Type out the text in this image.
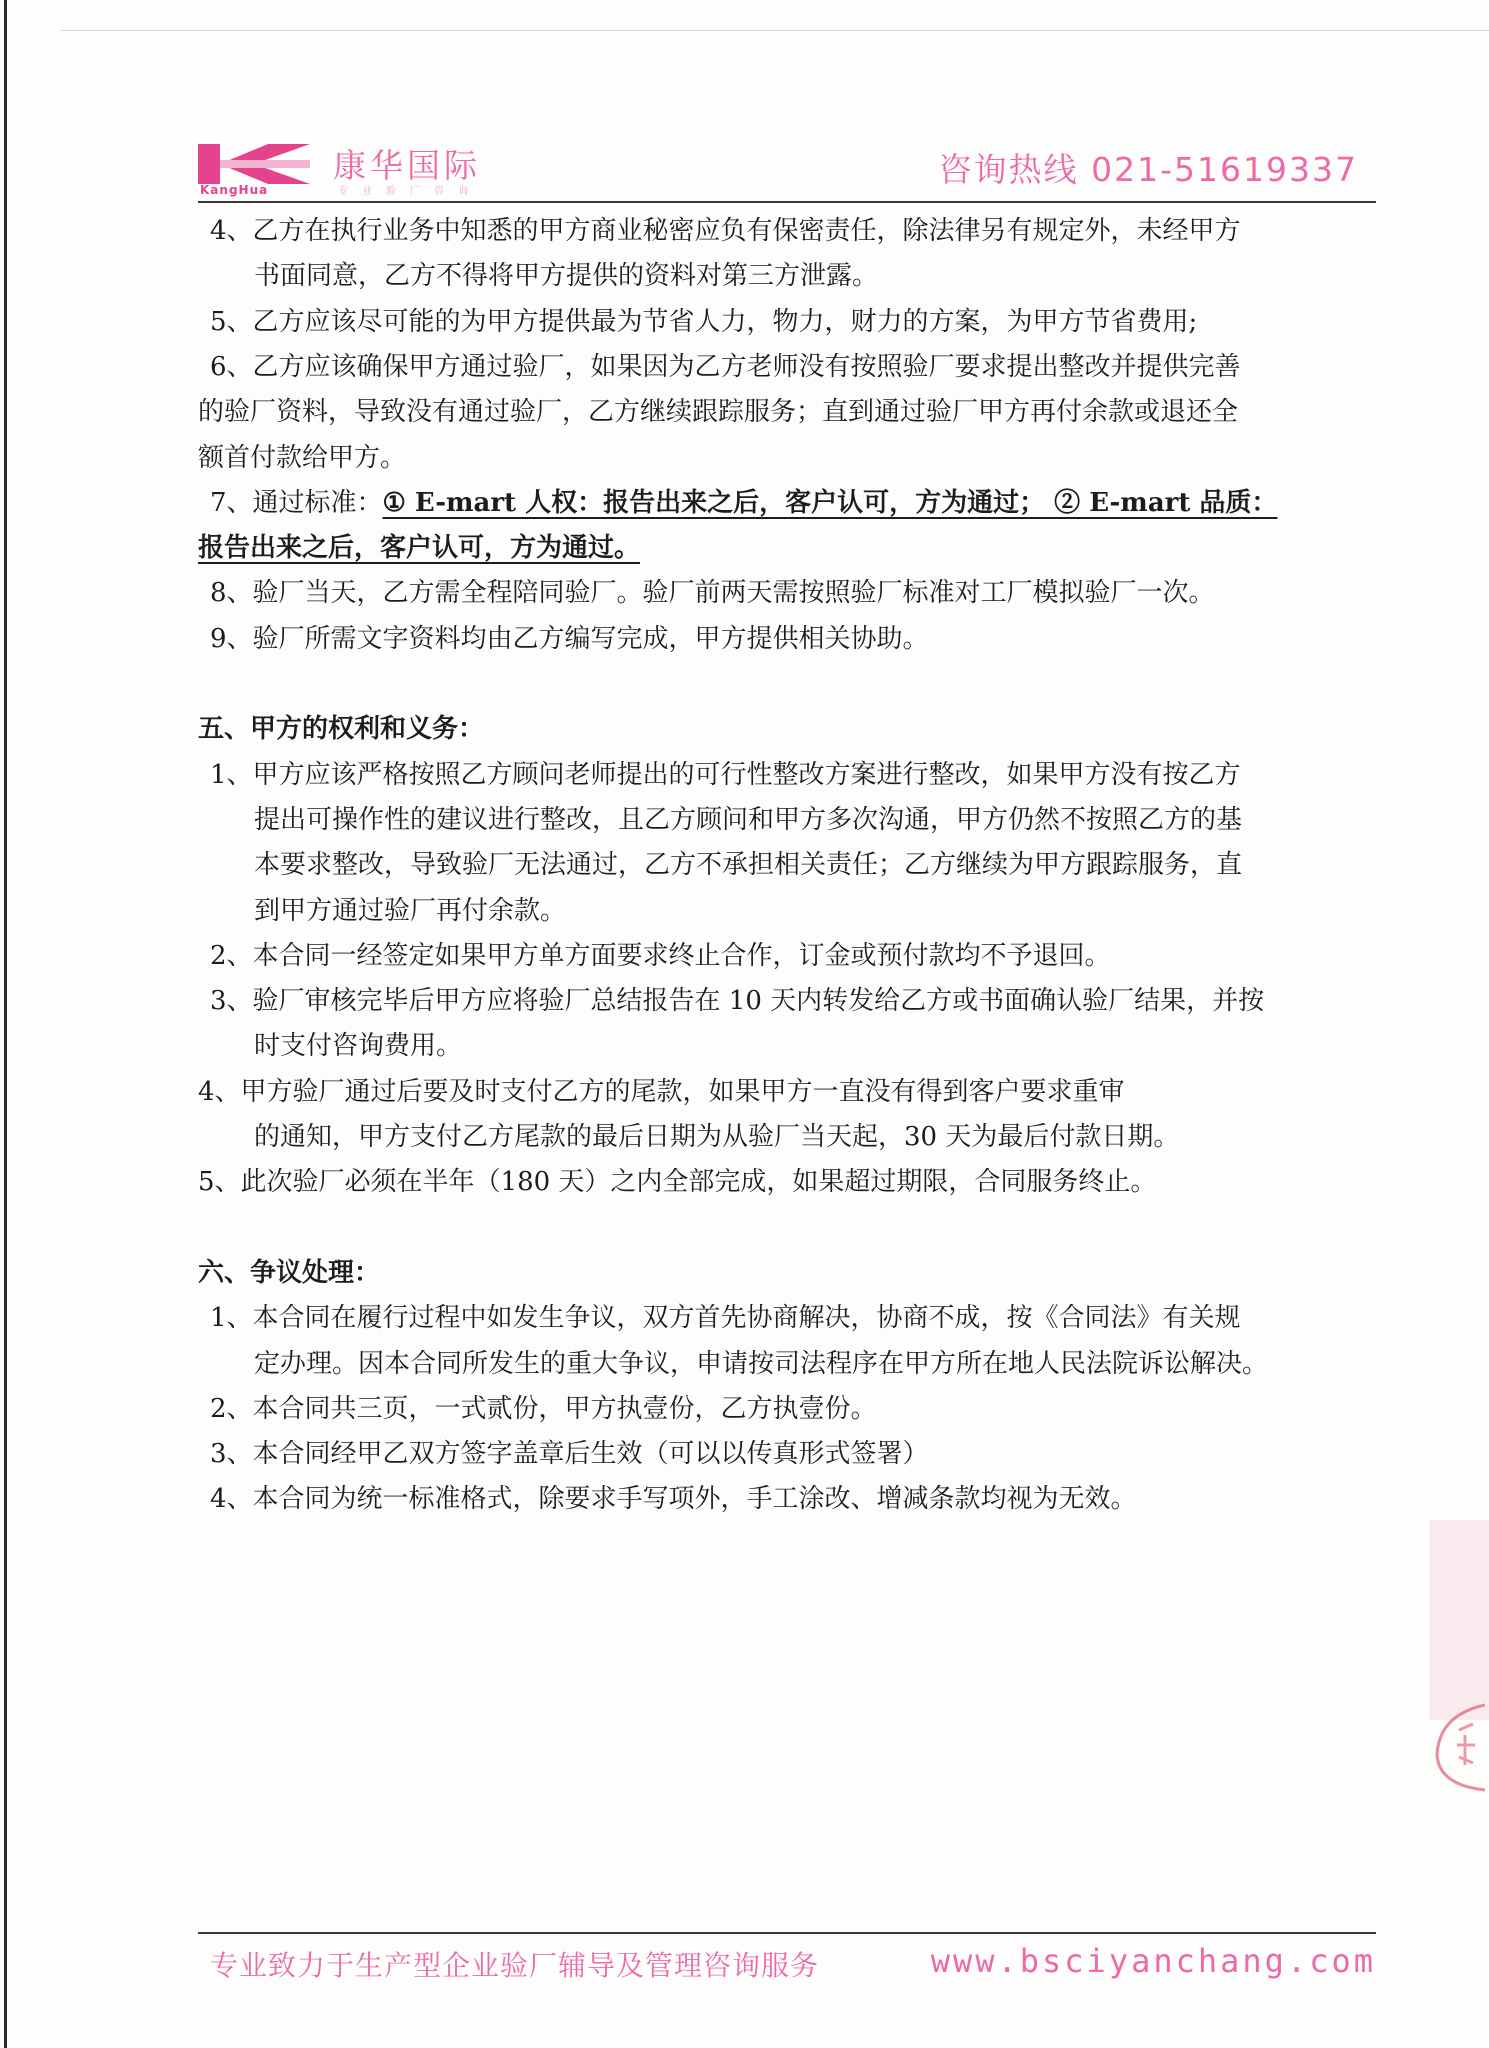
KangHua
康华国际
专业验厂咨询
咨询热线 021-51619337
4、乙方在执行业务中知悉的甲方商业秘密应负有保密责任，除法律另有规定外，未经甲方
书面同意，乙方不得将甲方提供的资料对第三方泄露。
5、乙方应该尽可能的为甲方提供最为节省人力，物力，财力的方案，为甲方节省费用;
6、乙方应该确保甲方通过验厂，如果因为乙方老师没有按照验厂要求提出整改并提供完善
的验厂资料，导致没有通过验厂，乙方继续跟踪服务；直到通过验厂甲方再付余款或退还全
额首付款给甲方。
7、通过标准：① E-mart 人权：报告出来之后，客户认可，方为通过； ② E-mart 品质：
报告出来之后，客户认可，方为通过。
8、验厂当天，乙方需全程陪同验厂。验厂前两天需按照验厂标准对工厂模拟验厂一次。
9、验厂所需文字资料均由乙方编写完成，甲方提供相关协助。
五、甲方的权利和义务：
1、甲方应该严格按照乙方顾问老师提出的可行性整改方案进行整改，如果甲方没有按乙方
提出可操作性的建议进行整改，且乙方顾问和甲方多次沟通，甲方仍然不按照乙方的基
本要求整改，导致验厂无法通过，乙方不承担相关责任；乙方继续为甲方跟踪服务，直
到甲方通过验厂再付余款。
2、本合同一经签定如果甲方单方面要求终止合作，订金或预付款均不予退回。
3、验厂审核完毕后甲方应将验厂总结报告在 10 天内转发给乙方或书面确认验厂结果，并按
时支付咨询费用。
4、甲方验厂通过后要及时支付乙方的尾款，如果甲方一直没有得到客户要求重审
的通知，甲方支付乙方尾款的最后日期为从验厂当天起，30 天为最后付款日期。
5、此次验厂必须在半年（180 天）之内全部完成，如果超过期限，合同服务终止。
六、争议处理：
1、本合同在履行过程中如发生争议，双方首先协商解决，协商不成，按《合同法》有关规
定办理。因本合同所发生的重大争议，申请按司法程序在甲方所在地人民法院诉讼解决。
2、本合同共三页，一式贰份，甲方执壹份，乙方执壹份。
3、本合同经甲乙双方签字盖章后生效（可以以传真形式签署）
4、本合同为统一标准格式，除要求手写项外，手工涂改、增减条款均视为无效。
专业致力于生产型企业验厂辅导及管理咨询服务	www.bsciyanchang.com
